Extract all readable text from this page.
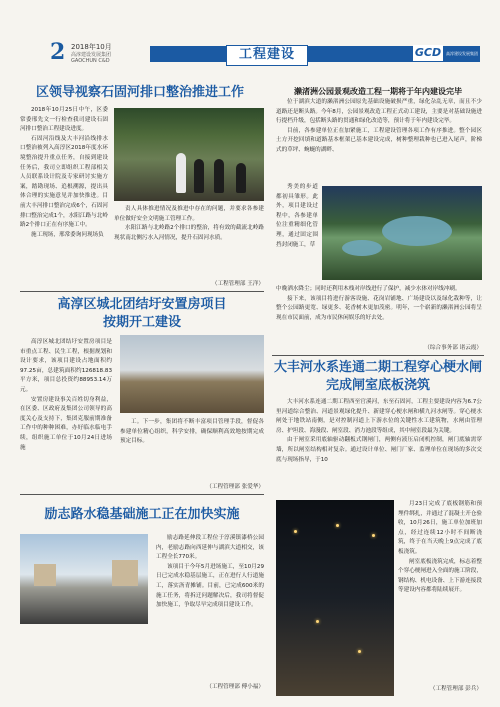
2 2018年10月
高淳建设发展集团
GAOCHUN C&D	工程建设	GCD	高淳建设发展集团
区领导视察石固河排口整治推进工作

2018年10月25日中午，区委常委邢先文一行检查我司建设石固河排口整治工程建设进度。

石固河沿线及大丰河沿线排水口整治被列入高淳区2018年度水环境整治提升重点任务，自接到建设任务后，我司立即组织工程部相关人员联系设计院及专家研讨实施方案，踏勘现场、追根溯源，提出具体合理的实施意见并加快推进。目前大丰河排口整治完成6个，石固河排口整治完成1个，水阳江路与北岭路2个排口正在有序施工中。

施工现场，邢常委询问现场负

责人具体推进情况及推进中存在的问题，并要求各参建单位做好安全文明施工管理工作。

水阳江路与北岭路2个排口的整治，将有效的截流北岭路现状南北侧污水入河情况，提升石固河水质。

（工程管理部 王洋）
高淳区城北团结圩安置房项目
按期开工建设

高淳区城北团结圩安置房项目是市重点工程、民生工程，根据规划和设计要求，该项目建设占地面积约97.25亩，总建筑面积约126818.83平方米，项目总投资约88953.14万元。

安置房建设事关百姓切身利益，在区委、区政府及集团公司领导的高度关心及支持下，集团克服前期准备工作中的种种困难，办好临水临电手续，组织施工单位于10月24日进场施

工。下一步，集团将不断丰富项目管理手段，督促各参建单位精心组织，科学安排，确保顺利高效地按期完成预定目标。

（工程管理部 张爱华）
励志路水稳基础施工正在加快实施

励志路延伸段工程位于淳溪镇漆桥公园内，老励志路向西延伸与湖滨大道相交，该工程全长770米。

该项目于今年5月进场施工，至10月29日已完成水稳基层施工，正在进行人行道施工，落实沥青摊铺。目前，已完成600米的施工任务，将拆迁问题解决后，我司将督促加快施工，争取尽早完成项目建设工作。

（工程管理部 傅小福）
濑渚洲公园景观改造工程一期将于年内建设完毕

位于湖滨大道的濑渚洲公园原先基础设施破损严重，绿化杂乱无章，而且不少道路还是断头路。今年8月，公园景观改造工程正式动工建设，主要是对基础设施进行提档升级，包括断头路的贯通和绿化改造等，预计将于年内建设完毕。

目前，各参建单位正在加紧施工，工程建设管理各项工作有序推进。整个园区土方开挖回填和道路基本框架已基本建设完成，树种整理栽种也已进入尾声，阶梯式的草坪、蜿蜒的湖畔、

秀美的步道都初具雏形。此外，项目建设过程中，各参建单位注重精细化管理，通过固定围挡封闭施工，草

中晚洒水降尘；同时还利用木栈对岸线进行了保护，减少水体对岸线冲刷。

接下来，该项目将进行游客设施、花岗岩铺地、广场建设以及绿化栽种等，让整个公园路更宽、绿更多、花香树木更加茂密。明年，一个崭新的濑渚洲公园将呈现在市民面前，成为市民休闲娱乐的好去处。

（综合事务部 诸云霞）
大丰河水系连通二期工程穿心梗水闸
完成闸室底板浇筑

大丰河水系连通二期工程西至官溪河，东至石固河，工程主要建设内容为6.7公里河道综合整治、河道景观绿化提升、新建穿心梗水闸和横九河水闸等。穿心梗水闸处于地铁站南侧，是对控制河道上下游水位的关键性水工建筑物，水闸由管理房、护坦段、海漫段、闸室段、消力池段等组成，其中闸室段最为关键。

由于闸室采用底轴驱动翻板式钢闸门，两侧有液压启闭机控制，闸门底轴需穿墙，所以闸室结构相对复杂。通过设计单位、闸门厂家、监理单位在现场的多次交底与现场指导，于10

月23日完成了底板钢筋和预埋件绑扎，并通过了混凝土开仓验收，10月26日，施工单位加班加点，经过连续12小时不间断浇筑，终于在当天晚上9点完成了底板浇筑。

闸室底板浇筑完成，标志着整个穿心梗闸进入全面的施工阶段，钢结构、机电设备、上下游连接段等建设内容都将陆续展开。

（工程管理部 彭兵）
